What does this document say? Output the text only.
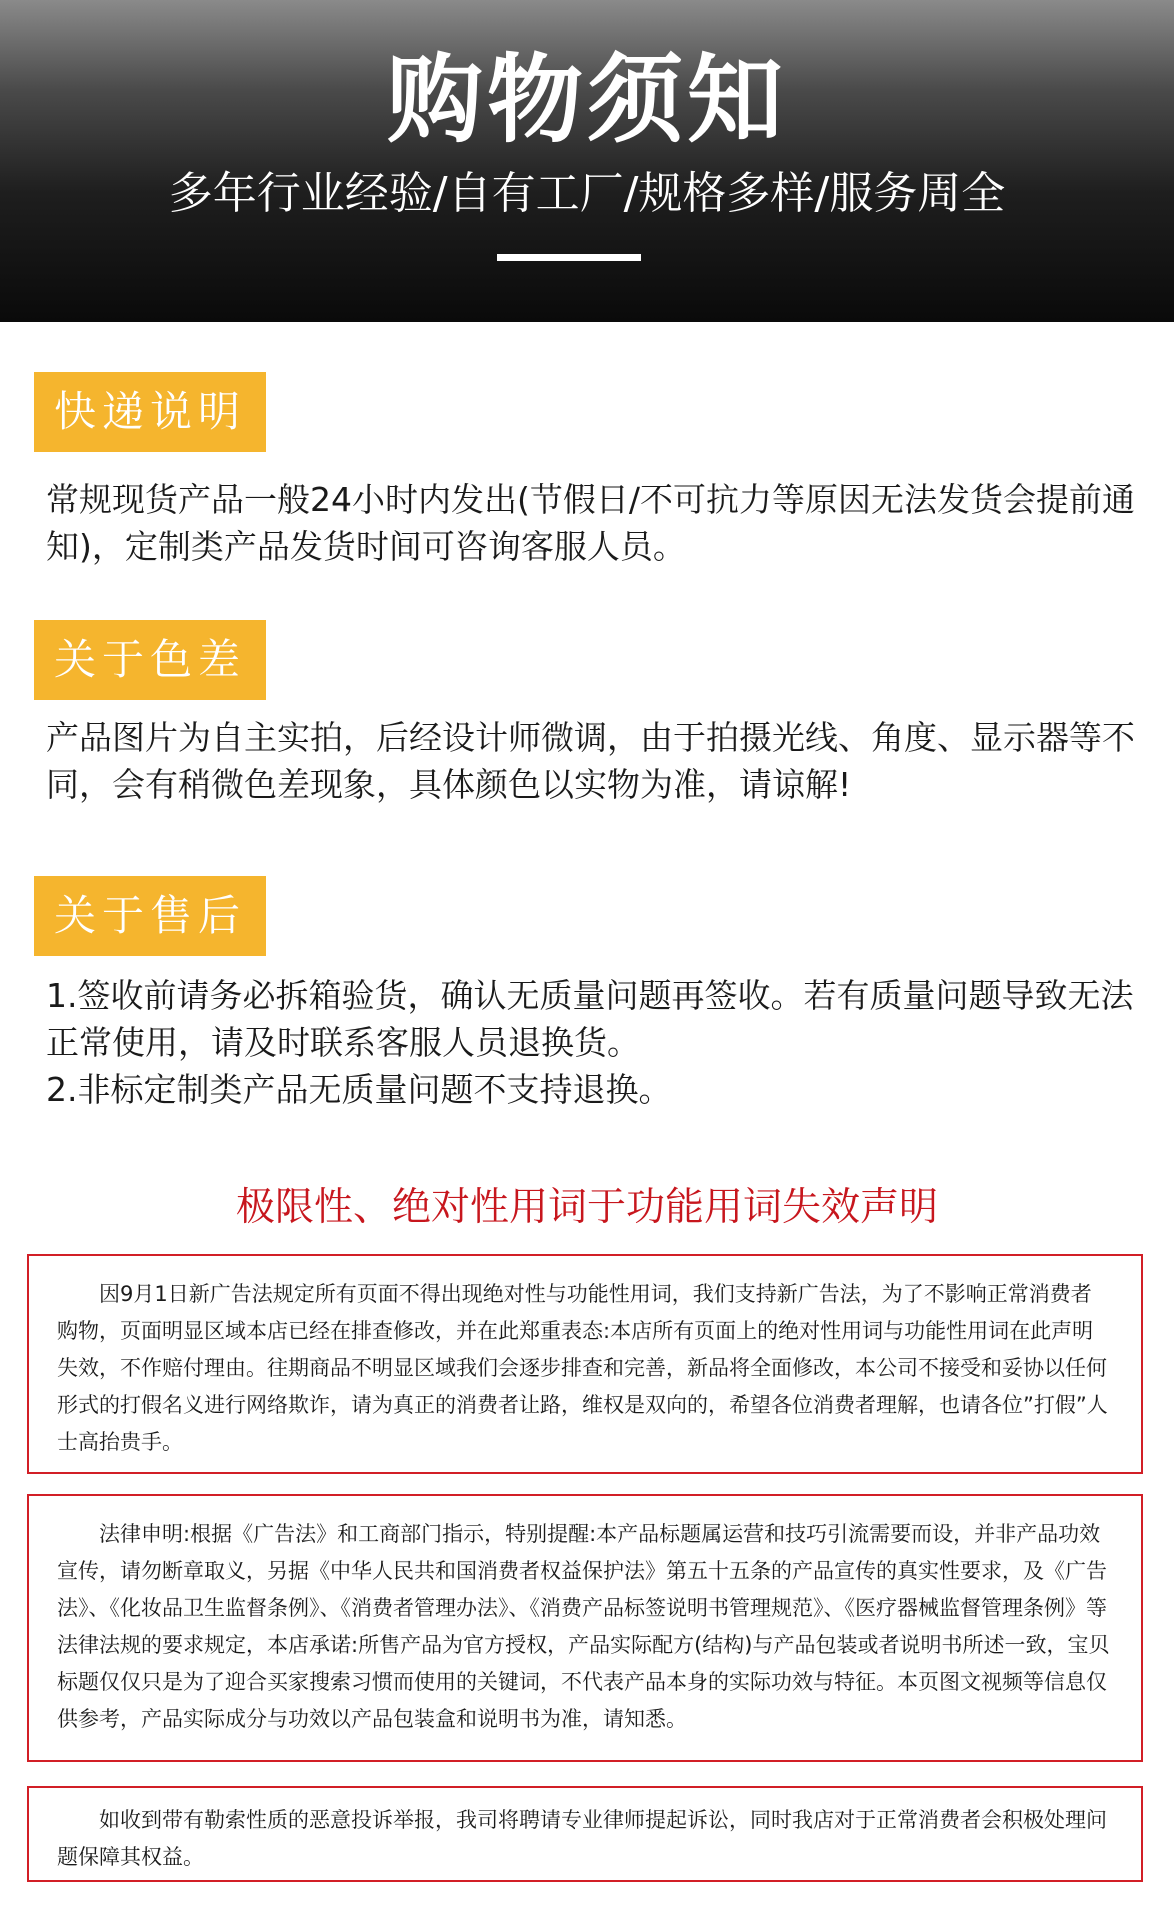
购物须知
多年行业经验/自有工厂/规格多样/服务周全
快递说明

常规现货产品一般24小时内发出(节假日/不可抗力等原因无法发货会提前通知)，定制类产品发货时间可咨询客服人员。

关于色差

产品图片为自主实拍，后经设计师微调，由于拍摄光线、角度、显示器等不同，会有稍微色差现象，具体颜色以实物为准，请谅解!

关于售后

1.签收前请务必拆箱验货，确认无质量问题再签收。若有质量问题导致无法正常使用，请及时联系客服人员退换货。

2.非标定制类产品无质量问题不支持退换。

极限性、绝对性用词于功能用词失效声明

因9月1日新广告法规定所有页面不得出现绝对性与功能性用词，我们支持新广告法，为了不影响正常消费者购物，页面明显区域本店已经在排查修改，并在此郑重表态:本店所有页面上的绝对性用词与功能性用词在此声明失效，不作赔付理由。往期商品不明显区域我们会逐步排查和完善，新品将全面修改，本公司不接受和妥协以任何形式的打假名义进行网络欺诈，请为真正的消费者让路，维权是双向的，希望各位消费者理解，也请各位”打假”人士高抬贵手。

法律申明:根据《广告法》和工商部门指示，特别提醒:本产品标题属运营和技巧引流需要而设，并非产品功效宣传，请勿断章取义，另据《中华人民共和国消费者权益保护法》第五十五条的产品宣传的真实性要求，及《广告法》、《化妆品卫生监督条例》、《消费者管理办法》、《消费产品标签说明书管理规范》、《医疗器械监督管理条例》等法律法规的要求规定，本店承诺:所售产品为官方授权，产品实际配方(结构)与产品包装或者说明书所述一致，宝贝标题仅仅只是为了迎合买家搜索习惯而使用的关键词，不代表产品本身的实际功效与特征。本页图文视频等信息仅供参考，产品实际成分与功效以产品包装盒和说明书为准，请知悉。

如收到带有勒索性质的恶意投诉举报，我司将聘请专业律师提起诉讼，同时我店对于正常消费者会积极处理问题保障其权益。
